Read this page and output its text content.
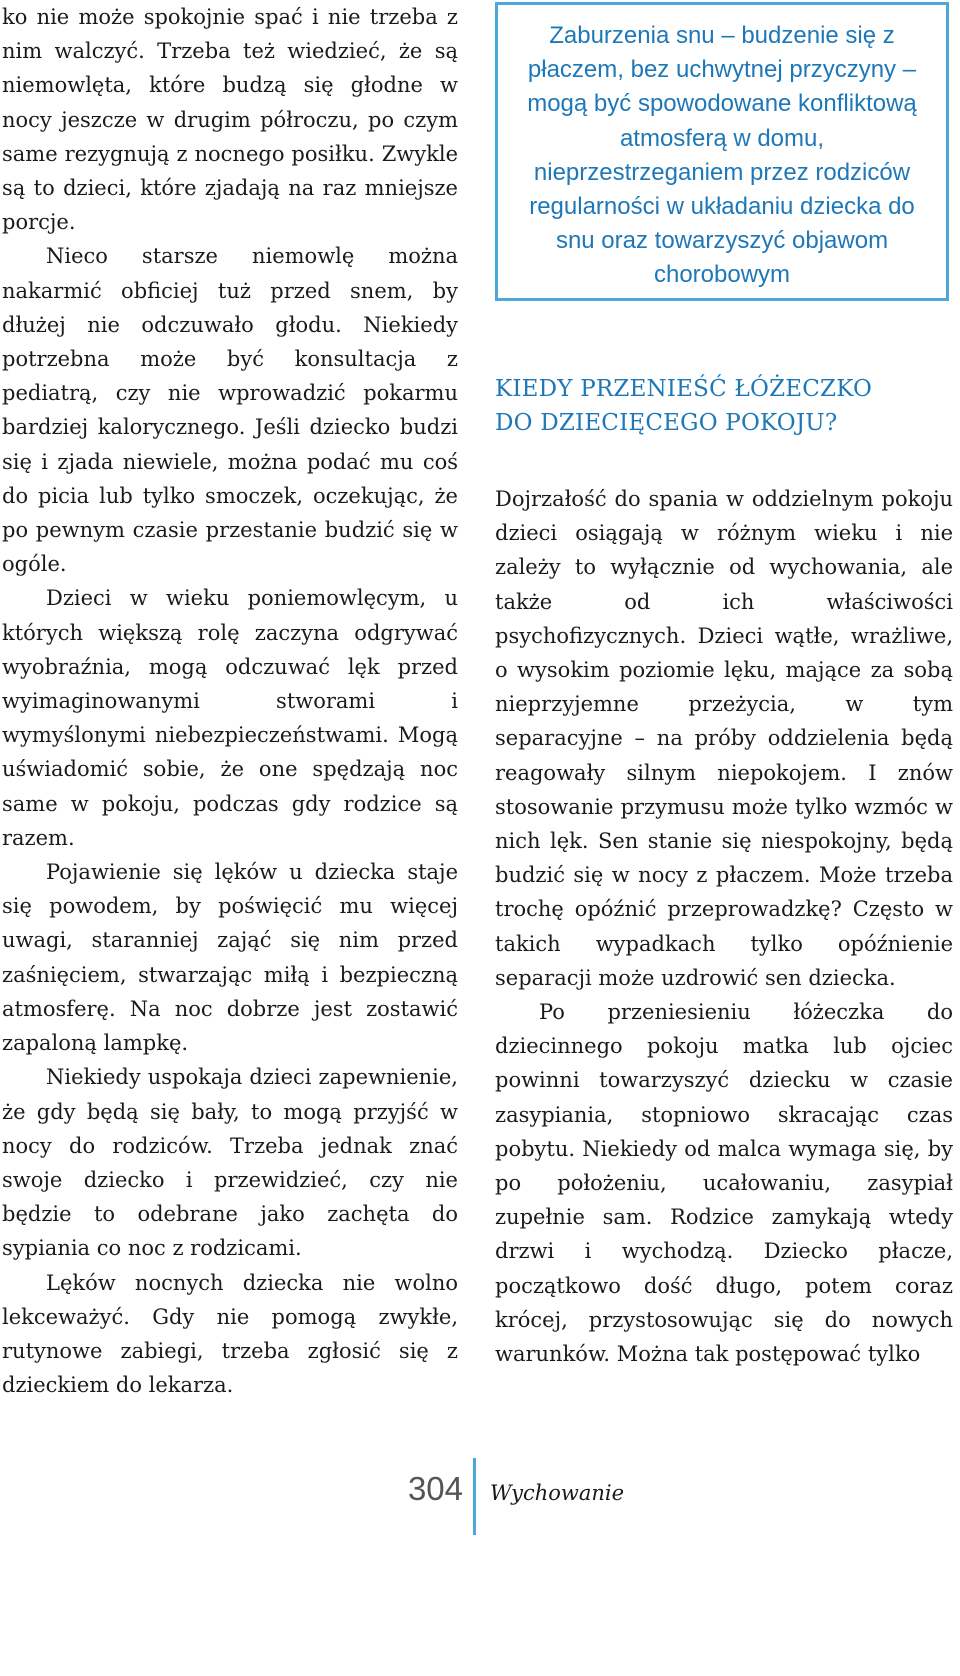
ko nie może spokojnie spać i nie trzeba z nim walczyć. Trzeba też wiedzieć, że są niemowlęta, które budzą się głodne w nocy jeszcze w drugim półroczu, po czym same rezygnują z nocnego posiłku. Zwykle są to dzieci, które zjadają na raz mniejsze porcje.

Nieco starsze niemowlę można nakarmić obficiej tuż przed snem, by dłużej nie odczuwało głodu. Niekiedy potrzebna może być konsultacja z pediatrą, czy nie wprowadzić pokarmu bardziej kalorycznego. Jeśli dziecko budzi się i zjada niewiele, można podać mu coś do picia lub tylko smoczek, oczekując, że po pewnym czasie przestanie budzić się w ogóle.

Dzieci w wieku poniemowlęcym, u których większą rolę zaczyna odgrywać wyobraźnia, mogą odczuwać lęk przed wyimaginowanymi stworami i wymyślonymi niebezpieczeństwami. Mogą uświadomić sobie, że one spędzają noc same w pokoju, podczas gdy rodzice są razem.

Pojawienie się lęków u dziecka staje się powodem, by poświęcić mu więcej uwagi, staranniej zająć się nim przed zaśnięciem, stwarzając miłą i bezpieczną atmosferę. Na noc dobrze jest zostawić zapaloną lampkę.

Niekiedy uspokaja dzieci zapewnienie, że gdy będą się bały, to mogą przyjść w nocy do rodziców. Trzeba jednak znać swoje dziecko i przewidzieć, czy nie będzie to odebrane jako zachęta do sypiania co noc z rodzicami.

Lęków nocnych dziecka nie wolno lekceważyć. Gdy nie pomogą zwykłe, rutynowe zabiegi, trzeba zgłosić się z dzieckiem do lekarza.

Zaburzenia snu – budzenie się z płaczem, bez uchwytnej przyczyny – mogą być spowodowane konfliktową atmosferą w domu, nieprzestrzeganiem przez rodziców regularności w układaniu dziecka do snu oraz towarzyszyć objawom chorobowym
KIEDY PRZENIEŚĆ ŁÓŻECZKO
DO DZIECIĘCEGO POKOJU?

Dojrzałość do spania w oddzielnym pokoju dzieci osiągają w różnym wieku i nie zależy to wyłącznie od wychowania, ale także od ich właściwości psychofizycznych. Dzieci wątłe, wrażliwe, o wysokim poziomie lęku, mające za sobą nieprzyjemne przeżycia, w tym separacyjne – na próby oddzielenia będą reagowały silnym niepokojem. I znów stosowanie przymusu może tylko wzmóc w nich lęk. Sen stanie się niespokojny, będą budzić się w nocy z płaczem. Może trzeba trochę opóźnić przeprowadzkę? Często w takich wypadkach tylko opóźnienie separacji może uzdrowić sen dziecka.

Po przeniesieniu łóżeczka do dziecinnego pokoju matka lub ojciec powinni towarzyszyć dziecku w czasie zasypiania, stopniowo skracając czas pobytu. Niekiedy od malca wymaga się, by po położeniu, ucałowaniu, zasypiał zupełnie sam. Rodzice zamykają wtedy drzwi i wychodzą. Dziecko płacze, początkowo dość długo, potem coraz krócej, przystosowując się do nowych warunków. Można tak postępować tylko

304 Wychowanie
